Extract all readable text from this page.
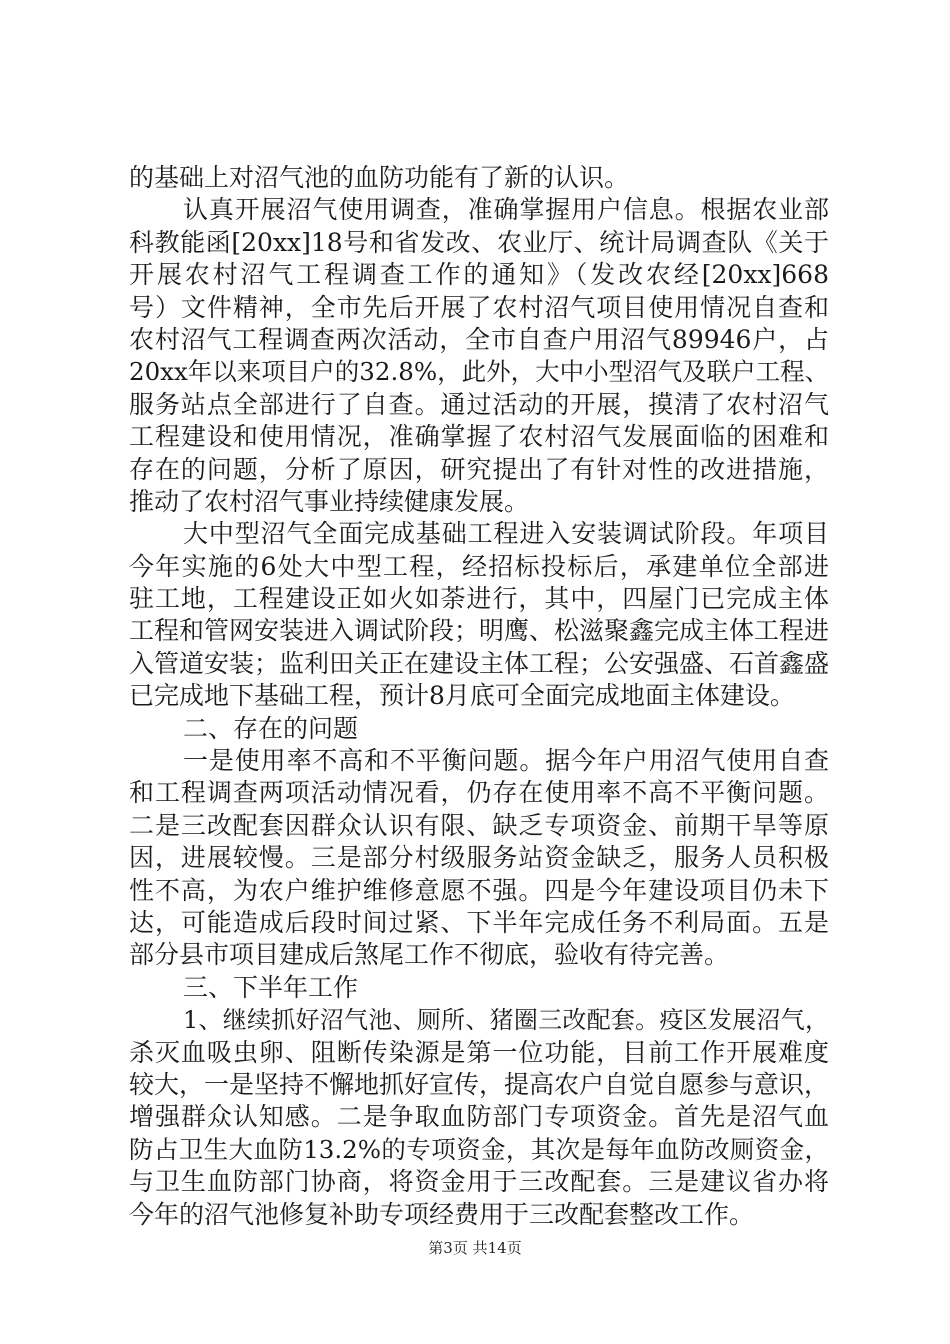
的基础上对沼气池的血防功能有了新的认识。
认真开展沼气使用调查，准确掌握用户信息。根据农业部
科教能函[20xx]18号和省发改、农业厅、统计局调查队《关于
开展农村沼气工程调查工作的通知》（发改农经[20xx]668
号）文件精神，全市先后开展了农村沼气项目使用情况自查和
农村沼气工程调查两次活动，全市自查户用沼气89946户，占
20xx年以来项目户的32.8%，此外，大中小型沼气及联户工程、
服务站点全部进行了自查。通过活动的开展，摸清了农村沼气
工程建设和使用情况，准确掌握了农村沼气发展面临的困难和
存在的问题，分析了原因，研究提出了有针对性的改进措施，
推动了农村沼气事业持续健康发展。
大中型沼气全面完成基础工程进入安装调试阶段。年项目
今年实施的6处大中型工程，经招标投标后，承建单位全部进
驻工地，工程建设正如火如荼进行，其中，四屋门已完成主体
工程和管网安装进入调试阶段；明鹰、松滋聚鑫完成主体工程进
入管道安装；监利田关正在建设主体工程；公安强盛、石首鑫盛
已完成地下基础工程，预计8月底可全面完成地面主体建设。
二、存在的问题
一是使用率不高和不平衡问题。据今年户用沼气使用自查
和工程调查两项活动情况看，仍存在使用率不高不平衡问题。
二是三改配套因群众认识有限、缺乏专项资金、前期干旱等原
因，进展较慢。三是部分村级服务站资金缺乏，服务人员积极
性不高，为农户维护维修意愿不强。四是今年建设项目仍未下
达，可能造成后段时间过紧、下半年完成任务不利局面。五是
部分县市项目建成后煞尾工作不彻底，验收有待完善。
三、下半年工作
1、继续抓好沼气池、厕所、猪圈三改配套。疫区发展沼气，
杀灭血吸虫卵、阻断传染源是第一位功能，目前工作开展难度
较大，一是坚持不懈地抓好宣传，提高农户自觉自愿参与意识，
增强群众认知感。二是争取血防部门专项资金。首先是沼气血
防占卫生大血防13.2%的专项资金，其次是每年血防改厕资金，
与卫生血防部门协商，将资金用于三改配套。三是建议省办将
今年的沼气池修复补助专项经费用于三改配套整改工作。
第3页 共14页
